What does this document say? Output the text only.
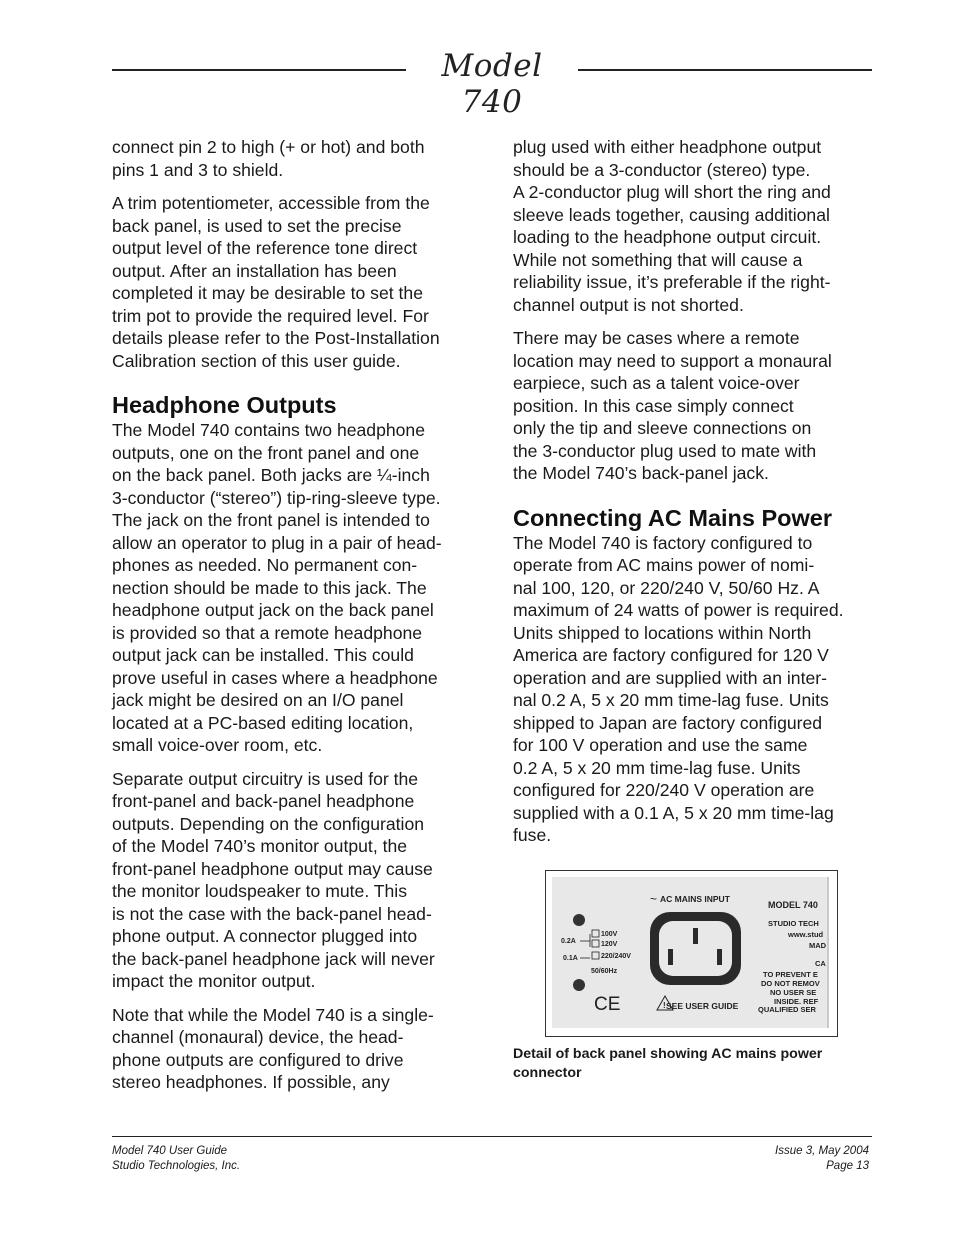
Model 740

connect pin 2 to high (+ or hot) and both
pins 1 and 3 to shield.

A trim potentiometer, accessible from the
back panel, is used to set the precise
output level of the reference tone direct
output. After an installation has been
completed it may be desirable to set the
trim pot to provide the required level. For
details please refer to the Post-Installation
Calibration section of this user guide.

Headphone Outputs

The Model 740 contains two headphone
outputs, one on the front panel and one
on the back panel. Both jacks are ¼-inch
3-conductor (“stereo”) tip-ring-sleeve type.
The jack on the front panel is intended to
allow an operator to plug in a pair of head-
phones as needed. No permanent con-
nection should be made to this jack. The
headphone output jack on the back panel
is provided so that a remote headphone
output jack can be installed. This could
prove useful in cases where a headphone
jack might be desired on an I/O panel
located at a PC-based editing location,
small voice-over room, etc.

Separate output circuitry is used for the
front-panel and back-panel headphone
outputs. Depending on the configuration
of the Model 740’s monitor output, the
front-panel headphone output may cause
the monitor loudspeaker to mute. This
is not the case with the back-panel head-
phone output. A connector plugged into
the back-panel headphone jack will never
impact the monitor output.

Note that while the Model 740 is a single-
channel (monaural) device, the head-
phone outputs are configured to drive
stereo headphones. If possible, any

plug used with either headphone output
should be a 3-conductor (stereo) type.
A 2-conductor plug will short the ring and
sleeve leads together, causing additional
loading to the headphone output circuit.
While not something that will cause a
reliability issue, it’s preferable if the right-
channel output is not shorted.

There may be cases where a remote
location may need to support a monaural
earpiece, such as a talent voice-over
position. In this case simply connect
only the tip and sleeve connections on
the 3-conductor plug used to mate with
the Model 740’s back-panel jack.

Connecting AC Mains Power

The Model 740 is factory configured to
operate from AC mains power of nomi-
nal 100, 120, or 220/240 V, 50/60 Hz. A
maximum of 24 watts of power is required.
Units shipped to locations within North
America are factory configured for 120 V
operation and are supplied with an inter-
nal 0.2 A, 5 x 20 mm time-lag fuse. Units
shipped to Japan are factory configured
for 100 V operation and use the same
0.2 A, 5 x 20 mm time-lag fuse. Units
configured for 220/240 V operation are
supplied with a 0.1 A, 5 x 20 mm time-lag
fuse.

0.2A
0.1A
100V
120V
220/240V
50/60Hz
CE
~ AC MAINS INPUT
! SEE USER GUIDE
MODEL 740
STUDIO TECH
www.stud
MAD
CA
TO PREVENT E
DO NOT REMOV
NO USER SE
INSIDE. REF
QUALIFIED SER
Detail of back panel showing AC mains power
connector
Model 740 User Guide
Studio Technologies, Inc.
Issue 3, May 2004
Page 13
